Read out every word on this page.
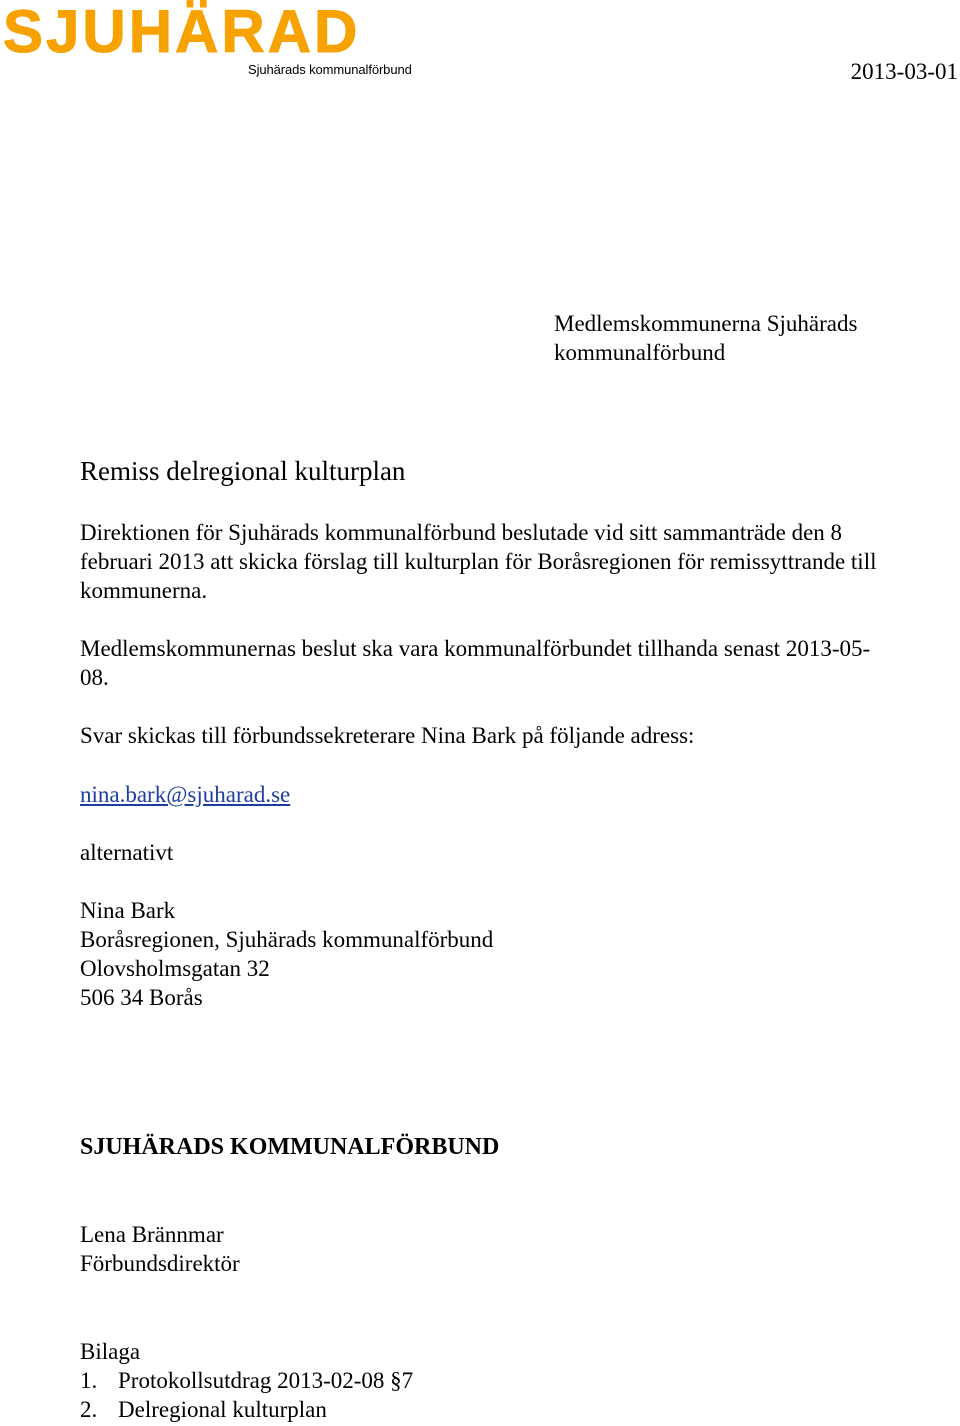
SJUHÄRAD
Sjuhärads kommunalförbund	2013-03-01
Medlemskommunerna Sjuhärads
kommunalförbund
Remiss delregional kulturplan
Direktionen för Sjuhärads kommunalförbund beslutade vid sitt sammanträde den 8
februari 2013 att skicka förslag till kulturplan för Boråsregionen för remissyttrande till
kommunerna.
Medlemskommunernas beslut ska vara kommunalförbundet tillhanda senast 2013-05-
08.
Svar skickas till förbundssekreterare Nina Bark på följande adress:
nina.bark@sjuharad.se
alternativt
Nina Bark
Boråsregionen, Sjuhärads kommunalförbund
Olovsholmsgatan 32
506 34 Borås
SJUHÄRADS KOMMUNALFÖRBUND
Lena Brännmar
Förbundsdirektör
Bilaga
1. Protokollsutdrag 2013-02-08 §7
2. Delregional kulturplan
